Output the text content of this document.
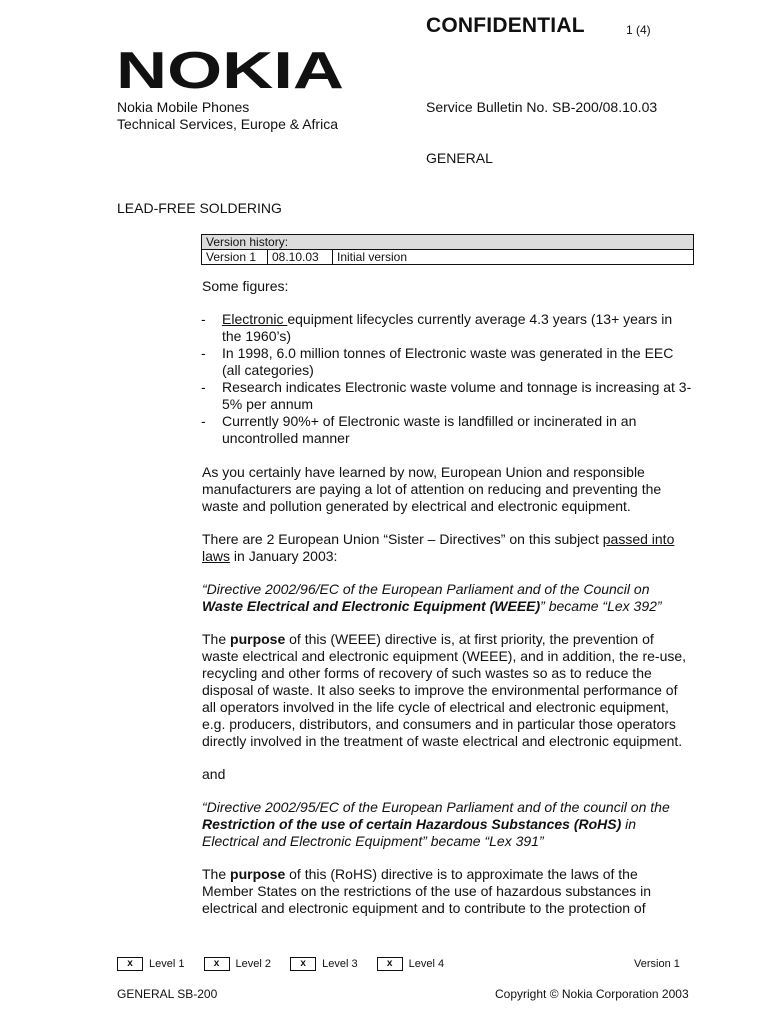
CONFIDENTIAL	1 (4)
NOKIA
Nokia Mobile Phones
Technical Services, Europe & Africa
Service Bulletin No. SB-200/08.10.03
GENERAL
LEAD-FREE SOLDERING
Version history:
Version 1	08.10.03	Initial version

Some figures:

- Electronic equipment lifecycles currently average 4.3 years (13+ years in the 1960’s)
- In 1998, 6.0 million tonnes of Electronic waste was generated in the EEC (all categories)
- Research indicates Electronic waste volume and tonnage is increasing at 3-5% per annum
- Currently 90%+ of Electronic waste is landfilled or incinerated in an uncontrolled manner

As you certainly have learned by now, European Union and responsible manufacturers are paying a lot of attention on reducing and preventing the waste and pollution generated by electrical and electronic equipment.

There are 2 European Union “Sister – Directives” on this subject passed into laws in January 2003:

“Directive 2002/96/EC of the European Parliament and of the Council on Waste Electrical and Electronic Equipment (WEEE)” became “Lex 392”

The purpose of this (WEEE) directive is, at first priority, the prevention of waste electrical and electronic equipment (WEEE), and in addition, the re-use, recycling and other forms of recovery of such wastes so as to reduce the disposal of waste. It also seeks to improve the environmental performance of all operators involved in the life cycle of electrical and electronic equipment, e.g. producers, distributors, and consumers and in particular those operators directly involved in the treatment of waste electrical and electronic equipment.

and

“Directive 2002/95/EC of the European Parliament and of the council on the Restriction of the use of certain Hazardous Substances (RoHS) in Electrical and Electronic Equipment” became “Lex 391”

The purpose of this (RoHS) directive is to approximate the laws of the Member States on the restrictions of the use of hazardous substances in electrical and electronic equipment and to contribute to the protection of

x Level 1	x Level 2	x Level 3	x Level 4	Version 1
GENERAL SB-200	Copyright © Nokia Corporation 2003
